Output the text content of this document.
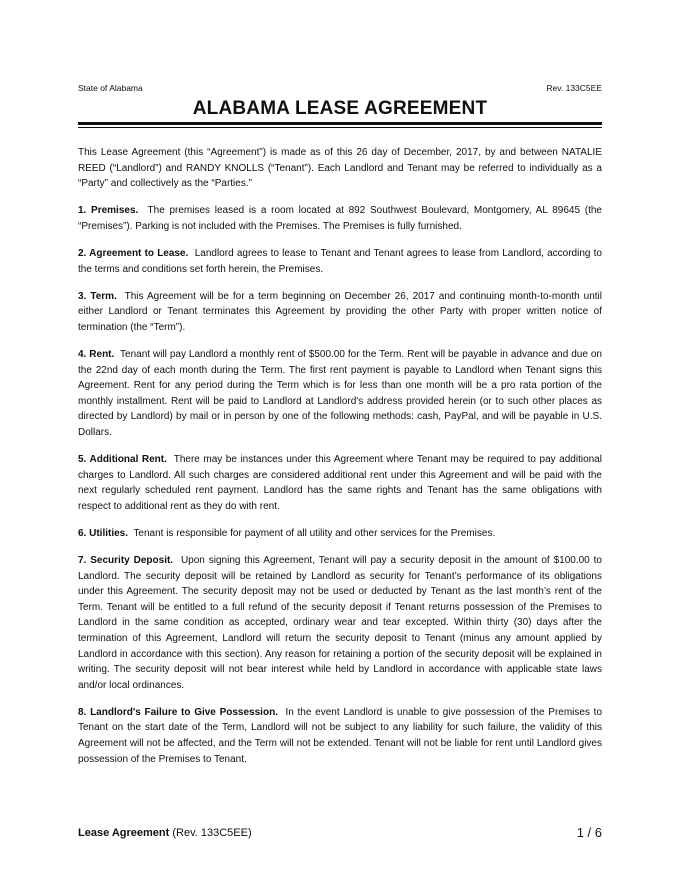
State of Alabama	Rev. 133C5EE
ALABAMA LEASE AGREEMENT

This Lease Agreement (this “Agreement”) is made as of this 26 day of December, 2017, by and between NATALIE REED (“Landlord”) and RANDY KNOLLS (“Tenant”). Each Landlord and Tenant may be referred to individually as a “Party” and collectively as the “Parties.”

1. Premises. The premises leased is a room located at 892 Southwest Boulevard, Montgomery, AL 89645 (the “Premises”). Parking is not included with the Premises. The Premises is fully furnished.

2. Agreement to Lease. Landlord agrees to lease to Tenant and Tenant agrees to lease from Landlord, according to the terms and conditions set forth herein, the Premises.

3. Term. This Agreement will be for a term beginning on December 26, 2017 and continuing month-to-month until either Landlord or Tenant terminates this Agreement by providing the other Party with proper written notice of termination (the “Term”).

4. Rent. Tenant will pay Landlord a monthly rent of $500.00 for the Term. Rent will be payable in advance and due on the 22nd day of each month during the Term. The first rent payment is payable to Landlord when Tenant signs this Agreement. Rent for any period during the Term which is for less than one month will be a pro rata portion of the monthly installment. Rent will be paid to Landlord at Landlord's address provided herein (or to such other places as directed by Landlord) by mail or in person by one of the following methods: cash, PayPal, and will be payable in U.S. Dollars.

5. Additional Rent. There may be instances under this Agreement where Tenant may be required to pay additional charges to Landlord. All such charges are considered additional rent under this Agreement and will be paid with the next regularly scheduled rent payment. Landlord has the same rights and Tenant has the same obligations with respect to additional rent as they do with rent.

6. Utilities. Tenant is responsible for payment of all utility and other services for the Premises.

7. Security Deposit. Upon signing this Agreement, Tenant will pay a security deposit in the amount of $100.00 to Landlord. The security deposit will be retained by Landlord as security for Tenant’s performance of its obligations under this Agreement. The security deposit may not be used or deducted by Tenant as the last month’s rent of the Term. Tenant will be entitled to a full refund of the security deposit if Tenant returns possession of the Premises to Landlord in the same condition as accepted, ordinary wear and tear excepted. Within thirty (30) days after the termination of this Agreement, Landlord will return the security deposit to Tenant (minus any amount applied by Landlord in accordance with this section). Any reason for retaining a portion of the security deposit will be explained in writing. The security deposit will not bear interest while held by Landlord in accordance with applicable state laws and/or local ordinances.

8. Landlord's Failure to Give Possession. In the event Landlord is unable to give possession of the Premises to Tenant on the start date of the Term, Landlord will not be subject to any liability for such failure, the validity of this Agreement will not be affected, and the Term will not be extended. Tenant will not be liable for rent until Landlord gives possession of the Premises to Tenant.

Lease Agreement (Rev. 133C5EE)	1 / 6
